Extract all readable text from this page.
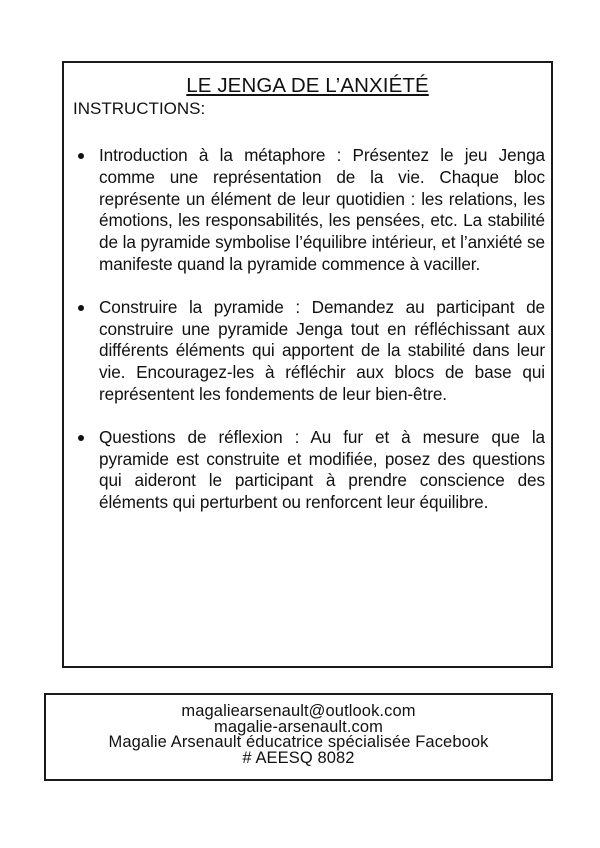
LE JENGA DE L’ANXIÉTÉ
INSTRUCTIONS:
Introduction à la métaphore : Présentez le jeu Jenga comme une représentation de la vie. Chaque bloc représente un élément de leur quotidien : les relations, les émotions, les responsabilités, les pensées, etc. La stabilité de la pyramide symbolise l’équilibre intérieur, et l’anxiété se manifeste quand la pyramide commence à vaciller.
Construire la pyramide : Demandez au participant de construire une pyramide Jenga tout en réfléchissant aux différents éléments qui apportent de la stabilité dans leur vie. Encouragez-les à réfléchir aux blocs de base qui représentent les fondements de leur bien-être.
Questions de réflexion : Au fur et à mesure que la pyramide est construite et modifiée, posez des questions qui aideront le participant à prendre conscience des éléments qui perturbent ou renforcent leur équilibre.
magaliearsenault@outlook.com
magalie-arsenault.com
Magalie Arsenault éducatrice spécialisée Facebook
# AEESQ 8082
